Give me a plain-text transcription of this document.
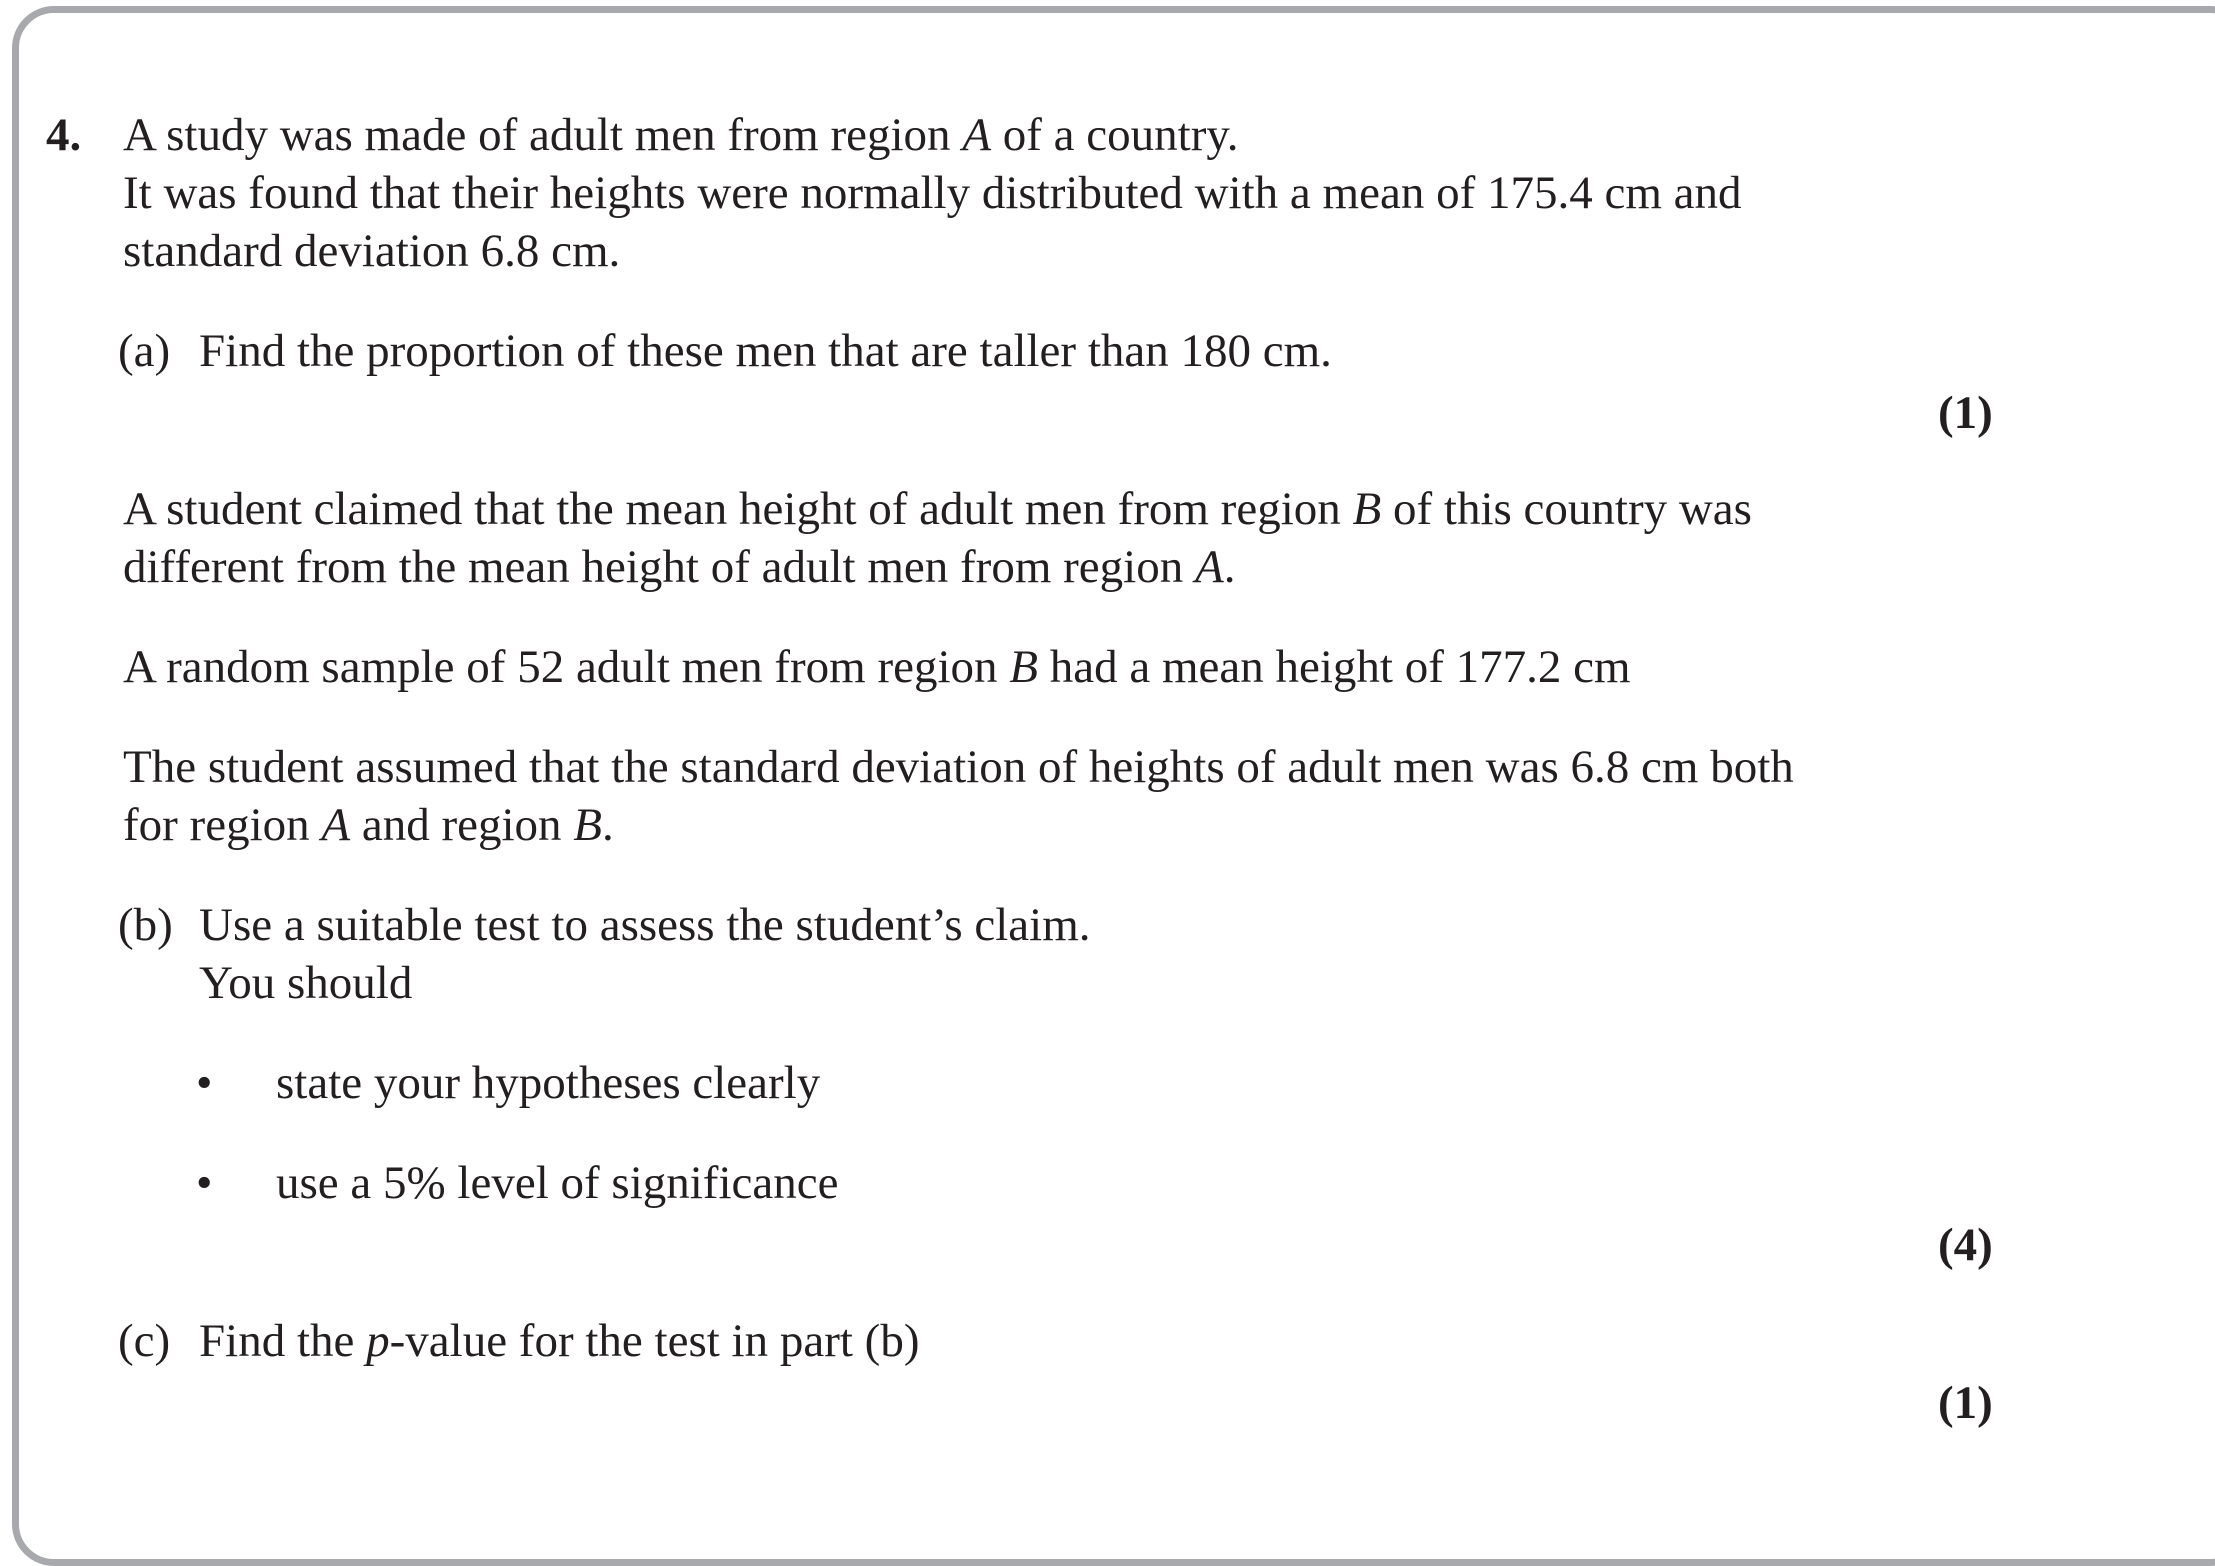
4. A study was made of adult men from region A of a country.
It was found that their heights were normally distributed with a mean of 175.4 cm and
standard deviation 6.8 cm.
(a) Find the proportion of these men that are taller than 180 cm.
(1)
A student claimed that the mean height of adult men from region B of this country was
different from the mean height of adult men from region A.
A random sample of 52 adult men from region B had a mean height of 177.2 cm
The student assumed that the standard deviation of heights of adult men was 6.8 cm both
for region A and region B.
(b) Use a suitable test to assess the student’s claim.
You should
• state your hypotheses clearly
• use a 5% level of significance
(4)
(c) Find the p-value for the test in part (b)
(1)
